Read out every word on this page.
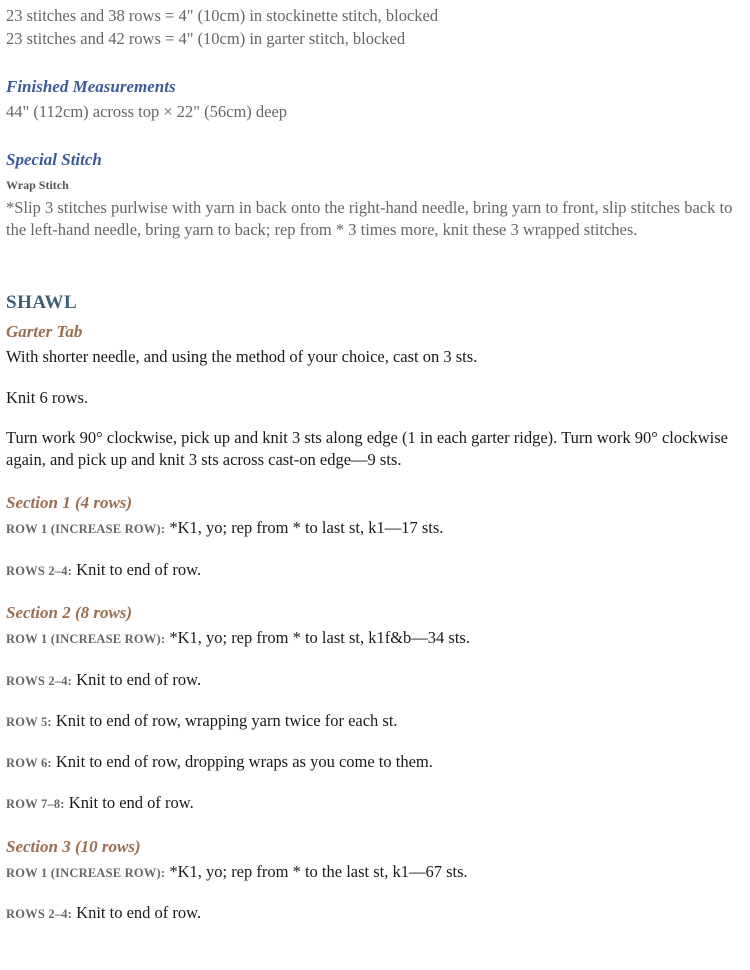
23 stitches and 38 rows = 4" (10cm) in stockinette stitch, blocked
23 stitches and 42 rows = 4" (10cm) in garter stitch, blocked
Finished Measurements
44" (112cm) across top × 22" (56cm) deep
Special Stitch
Wrap Stitch
*Slip 3 stitches purlwise with yarn in back onto the right-hand needle, bring yarn to front, slip stitches back to the left-hand needle, bring yarn to back; rep from * 3 times more, knit these 3 wrapped stitches.
SHAWL
Garter Tab
With shorter needle, and using the method of your choice, cast on 3 sts.
Knit 6 rows.
Turn work 90° clockwise, pick up and knit 3 sts along edge (1 in each garter ridge). Turn work 90° clockwise again, and pick up and knit 3 sts across cast-on edge—9 sts.
Section 1 (4 rows)
ROW 1 (INCREASE ROW): *K1, yo; rep from * to last st, k1—17 sts.
ROWS 2–4: Knit to end of row.
Section 2 (8 rows)
ROW 1 (INCREASE ROW): *K1, yo; rep from * to last st, k1f&b—34 sts.
ROWS 2–4: Knit to end of row.
ROW 5: Knit to end of row, wrapping yarn twice for each st.
ROW 6: Knit to end of row, dropping wraps as you come to them.
ROW 7–8: Knit to end of row.
Section 3 (10 rows)
ROW 1 (INCREASE ROW): *K1, yo; rep from * to the last st, k1—67 sts.
ROWS 2–4: Knit to end of row.
